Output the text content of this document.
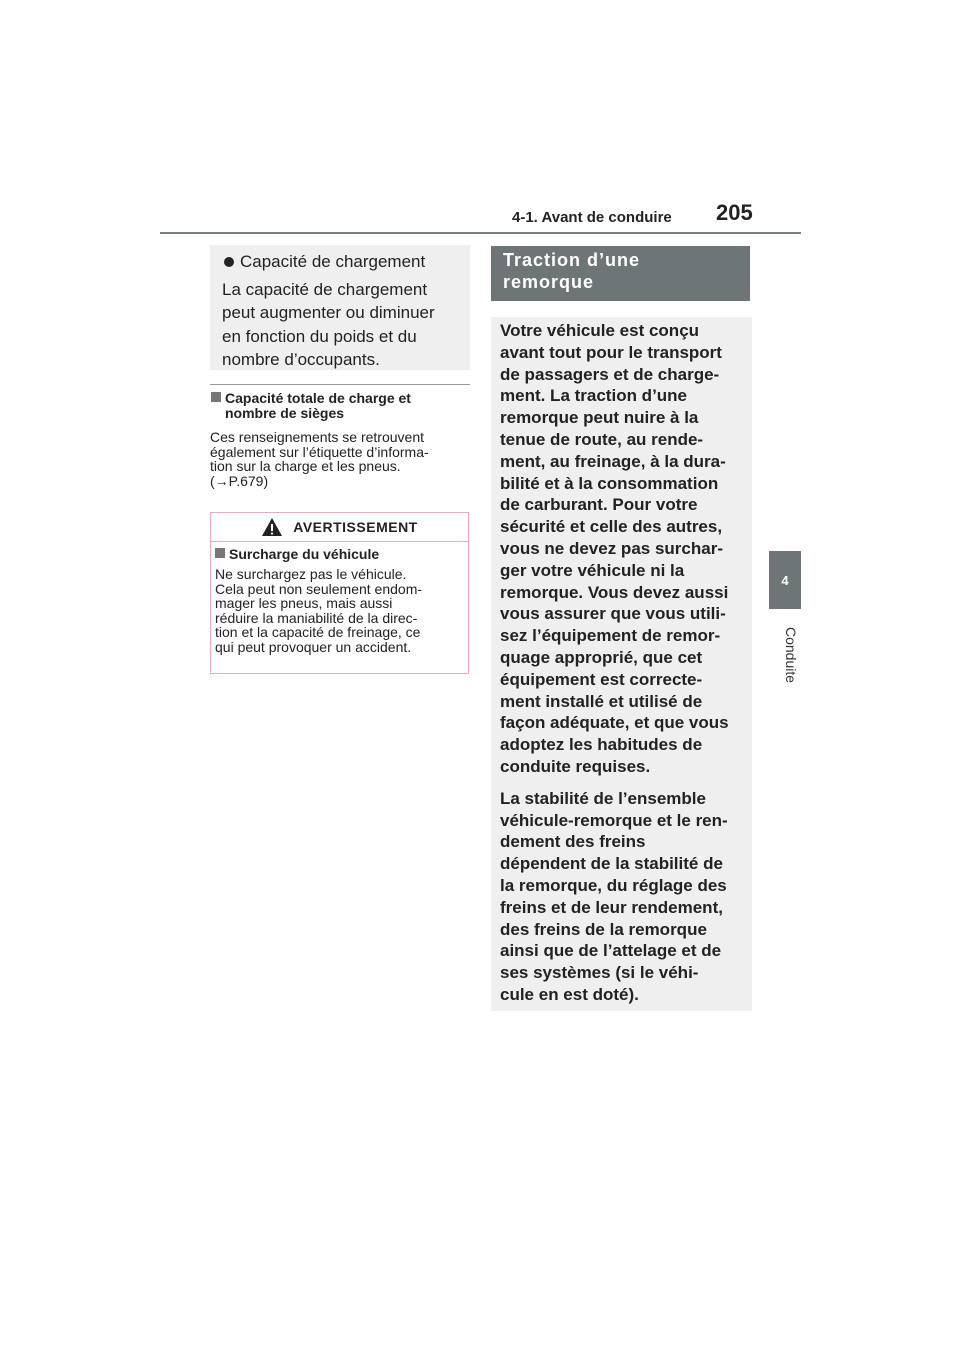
4-1. Avant de conduire 205
4
Conduite
Capacité de chargement
La capacité de chargement
peut augmenter ou diminuer
en fonction du poids et du
nombre d’occupants.
Capacité totale de charge et
nombre de sièges
Ces renseignements se retrouvent
également sur l’étiquette d’informa-
tion sur la charge et les pneus.
(→P.679)
AVERTISSEMENT
Surcharge du véhicule
Ne surchargez pas le véhicule.
Cela peut non seulement endom-
mager les pneus, mais aussi
réduire la maniabilité de la direc-
tion et la capacité de freinage, ce
qui peut provoquer un accident.
Traction d’une
remorque

Votre véhicule est conçu
avant tout pour le transport
de passagers et de charge-
ment. La traction d’une
remorque peut nuire à la
tenue de route, au rende-
ment, au freinage, à la dura-
bilité et à la consommation
de carburant. Pour votre
sécurité et celle des autres,
vous ne devez pas surchar-
ger votre véhicule ni la
remorque. Vous devez aussi
vous assurer que vous utili-
sez l’équipement de remor-
quage approprié, que cet
équipement est correcte-
ment installé et utilisé de
façon adéquate, et que vous
adoptez les habitudes de
conduite requises.

La stabilité de l’ensemble
véhicule-remorque et le ren-
dement des freins
dépendent de la stabilité de
la remorque, du réglage des
freins et de leur rendement,
des freins de la remorque
ainsi que de l’attelage et de
ses systèmes (si le véhi-
cule en est doté).
